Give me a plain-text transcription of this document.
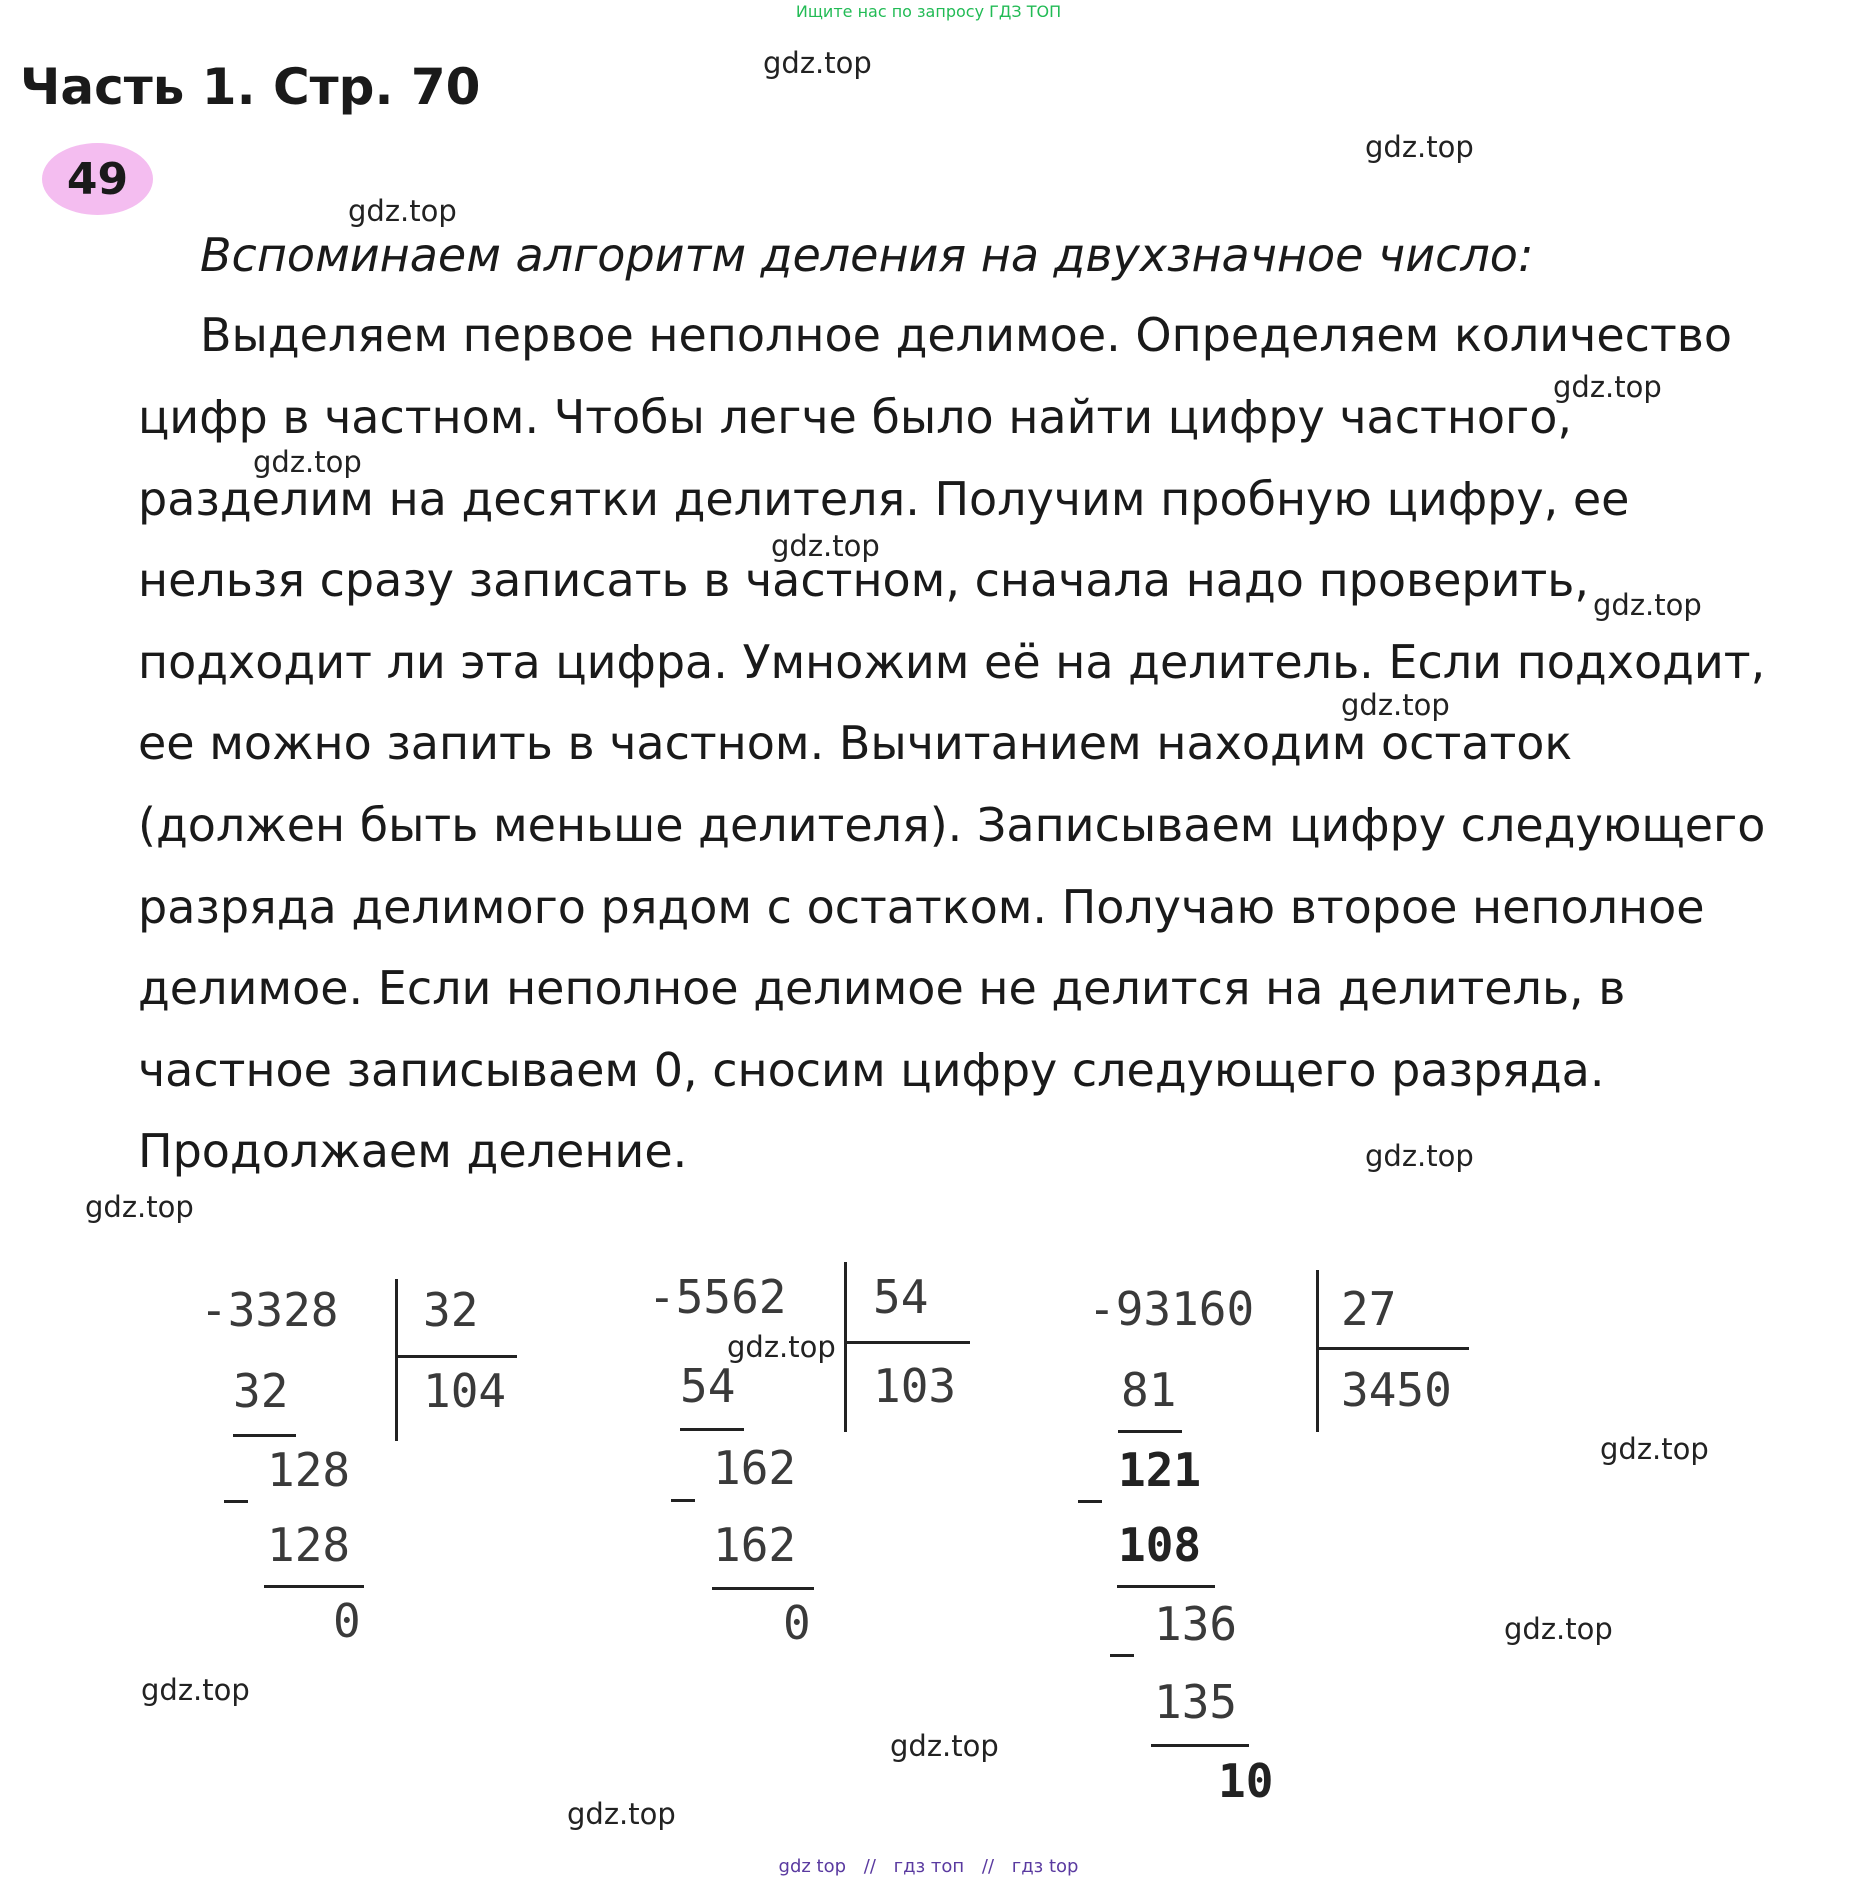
Ищите нас по запросу ГДЗ ТОП
Часть 1. Стр. 70
49
Вспоминаем алгоритм деления на двухзначное число:
Выделяем первое неполное делимое. Определяем количество
цифр в частном. Чтобы легче было найти цифру частного,
разделим на десятки делителя. Получим пробную цифру, ее
нельзя сразу записать в частном, сначала надо проверить,
подходит ли эта цифра. Умножим её на делитель. Если подходит,
ее можно запить в частном. Вычитанием находим остаток
(должен быть меньше делителя). Записываем цифру следующего
разряда делимого рядом с остатком. Получаю второе неполное
делимое. Если неполное делимое не делится на делитель, в
частное записываем 0, сносим цифру следующего разряда.
Продолжаем деление.
gdz.top
gdz.top
gdz.top
gdz.top
gdz.top
gdz.top
gdz.top
gdz.top
gdz.top
gdz.top
gdz.top
gdz.top
gdz.top
gdz.top
gdz.top
gdz.top
-3328 32
104
32
128
128
0
-5562 54
103
54
162
162
0
-93160 27
3450
81
121
108
136
135
10
gdz top // гдз топ // гдз top
